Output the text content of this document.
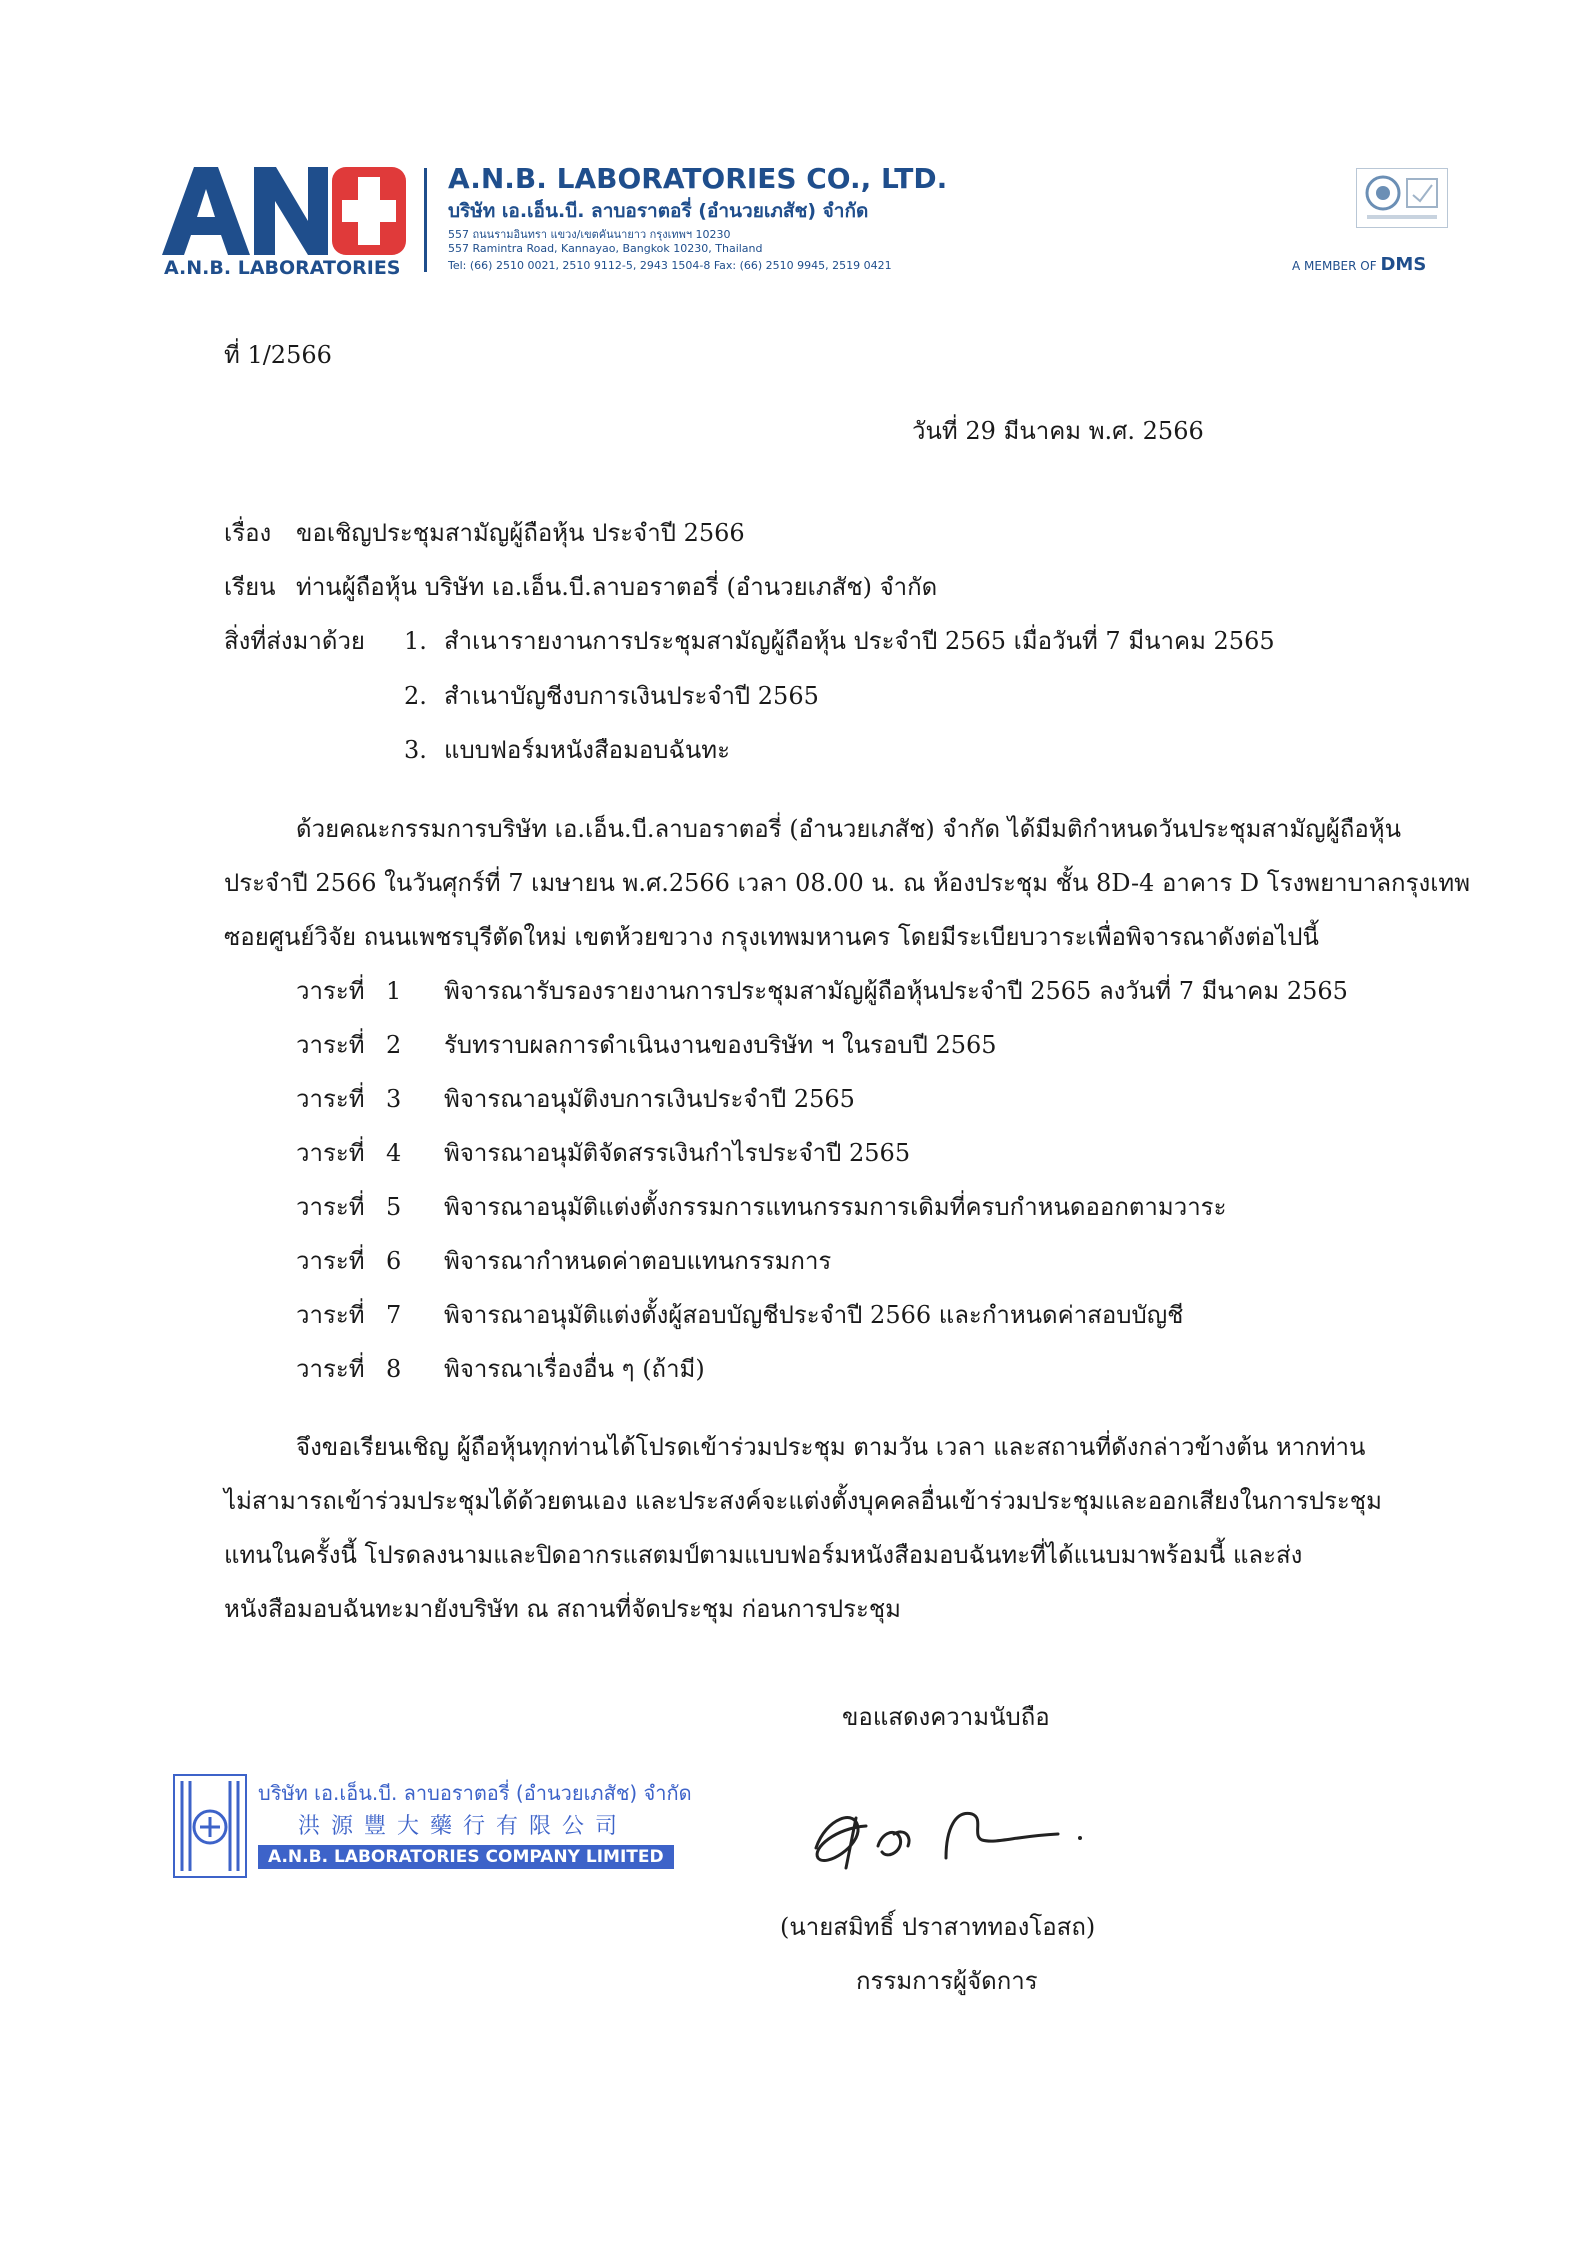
A.N.B. LABORATORIES
A.N.B. LABORATORIES CO., LTD.
บริษัท เอ.เอ็น.บี. ลาบอราตอรี่ (อำนวยเภสัช) จำกัด
557 ถนนรามอินทรา แขวง/เขตคันนายาว กรุงเทพฯ 10230
557 Ramintra Road, Kannayao, Bangkok 10230, Thailand
Tel: (66) 2510 0021, 2510 9112-5, 2943 1504-8 Fax: (66) 2510 9945, 2519 0421	A MEMBER OF DMS
ที่ 1/2566
วันที่ 29 มีนาคม พ.ศ. 2566
เรื่อง ขอเชิญประชุมสามัญผู้ถือหุ้น ประจำปี 2566
เรียน ท่านผู้ถือหุ้น บริษัท เอ.เอ็น.บี.ลาบอราตอรี่ (อำนวยเภสัช) จำกัด
สิ่งที่ส่งมาด้วย 1. สำเนารายงานการประชุมสามัญผู้ถือหุ้น ประจำปี 2565 เมื่อวันที่ 7 มีนาคม 2565
2. สำเนาบัญชีงบการเงินประจำปี 2565
3. แบบฟอร์มหนังสือมอบฉันทะ
ด้วยคณะกรรมการบริษัท เอ.เอ็น.บี.ลาบอราตอรี่ (อำนวยเภสัช) จำกัด ได้มีมติกำหนดวันประชุมสามัญผู้ถือหุ้น
ประจำปี 2566 ในวันศุกร์ที่ 7 เมษายน พ.ศ.2566 เวลา 08.00 น. ณ ห้องประชุม ชั้น 8D-4 อาคาร D โรงพยาบาลกรุงเทพ
ซอยศูนย์วิจัย ถนนเพชรบุรีตัดใหม่ เขตห้วยขวาง กรุงเทพมหานคร โดยมีระเบียบวาระเพื่อพิจารณาดังต่อไปนี้
วาระที่ 1 พิจารณารับรองรายงานการประชุมสามัญผู้ถือหุ้นประจำปี 2565 ลงวันที่ 7 มีนาคม 2565
วาระที่ 2 รับทราบผลการดำเนินงานของบริษัท ฯ ในรอบปี 2565
วาระที่ 3 พิจารณาอนุมัติงบการเงินประจำปี 2565
วาระที่ 4 พิจารณาอนุมัติจัดสรรเงินกำไรประจำปี 2565
วาระที่ 5 พิจารณาอนุมัติแต่งตั้งกรรมการแทนกรรมการเดิมที่ครบกำหนดออกตามวาระ
วาระที่ 6 พิจารณากำหนดค่าตอบแทนกรรมการ
วาระที่ 7 พิจารณาอนุมัติแต่งตั้งผู้สอบบัญชีประจำปี 2566 และกำหนดค่าสอบบัญชี
วาระที่ 8 พิจารณาเรื่องอื่น ๆ (ถ้ามี)
จึงขอเรียนเชิญ ผู้ถือหุ้นทุกท่านได้โปรดเข้าร่วมประชุม ตามวัน เวลา และสถานที่ดังกล่าวข้างต้น หากท่าน
ไม่สามารถเข้าร่วมประชุมได้ด้วยตนเอง และประสงค์จะแต่งตั้งบุคคลอื่นเข้าร่วมประชุมและออกเสียงในการประชุม
แทนในครั้งนี้ โปรดลงนามและปิดอากรแสตมป์ตามแบบฟอร์มหนังสือมอบฉันทะที่ได้แนบมาพร้อมนี้ และส่ง
หนังสือมอบฉันทะมายังบริษัท ณ สถานที่จัดประชุม ก่อนการประชุม
ขอแสดงความนับถือ
(นายสมิทธิ์ ปราสาททองโอสถ)
กรรมการผู้จัดการ
บริษัท เอ.เอ็น.บี. ลาบอราตอรี่ (อำนวยเภสัช) จำกัด
洪 源 豐 大 藥 行 有 限 公 司
A.N.B. LABORATORIES COMPANY LIMITED
